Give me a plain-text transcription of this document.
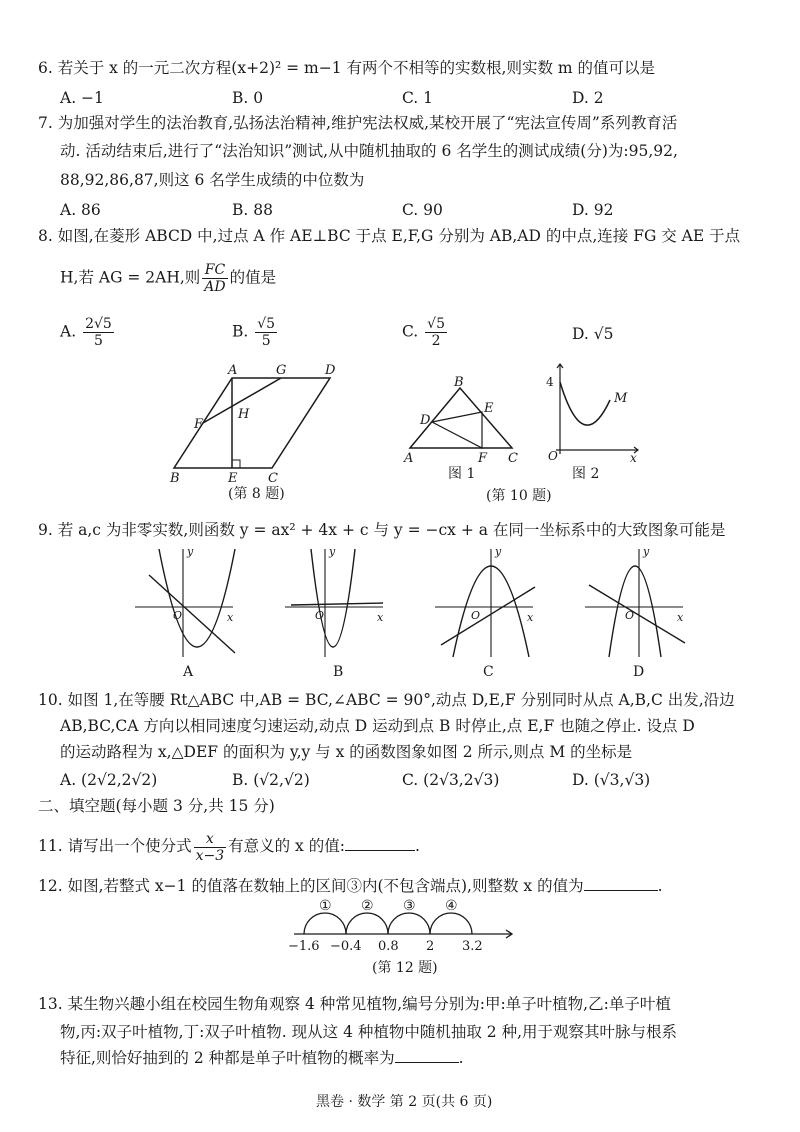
6. 若关于 x 的一元二次方程(x+2)² = m−1 有两个不相等的实数根,则实数 m 的值可以是
A. −1	B. 0	C. 1	D. 2
7. 为加强对学生的法治教育,弘扬法治精神,维护宪法权威,某校开展了“宪法宣传周”系列教育活
动. 活动结束后,进行了“法治知识”测试,从中随机抽取的 6 名学生的测试成绩(分)为:95,92,
88,92,86,87,则这 6 名学生成绩的中位数为
A. 86	B. 88	C. 90	D. 92
8. 如图,在菱形 ABCD 中,过点 A 作 AE⊥BC 于点 E,F,G 分别为 AB,AD 的中点,连接 FG 交 AE 于点
H,若 AG = 2AH,则 $\frac{FC}{AD}$ 的值是
A. $\frac{2√5}{5}$	B. $\frac{√5}{5}$	C. $\frac{√5}{2}$	D. √5
A	G	D
F
H
B	E C
(第 8 题)
B
D
E
A	F C
图 1
4
M
O	x
图 2
(第 10 题)
9. 若 a,c 为非零实数,则函数 y = ax² + 4x + c 与 y = −cx + a 在同一坐标系中的大致图象可能是
y
x
O
A
y
x
O
B
y
x
O
C
y
x
O
D
10. 如图 1,在等腰 Rt△ABC 中,AB = BC,∠ABC = 90°,动点 D,E,F 分别同时从点 A,B,C 出发,沿边
AB,BC,CA 方向以相同速度匀速运动,动点 D 运动到点 B 时停止,点 E,F 也随之停止. 设点 D
的运动路程为 x,△DEF 的面积为 y,y 与 x 的函数图象如图 2 所示,则点 M 的坐标是
A. (2√2,2√2)	B. (√2,√2)	C. (2√3,2√3)	D. (√3,√3)
二、填空题(每小题 3 分,共 15 分)
11. 请写出一个使分式 $\frac{x}{x-3}$ 有意义的 x 的值:	.
12. 如图,若整式 x−1 的值落在数轴上的区间③内(不包含端点),则整数 x 的值为	.
① ② ③ ④
−1.6 −0.4 0.8 2 3.2
(第 12 题)
13. 某生物兴趣小组在校园生物角观察 4 种常见植物,编号分别为:甲:单子叶植物,乙:单子叶植
物,丙:双子叶植物,丁:双子叶植物. 现从这 4 种植物中随机抽取 2 种,用于观察其叶脉与根系
特征,则恰好抽到的 2 种都是单子叶植物的概率为	.
黑卷 · 数学 第 2 页(共 6 页)
